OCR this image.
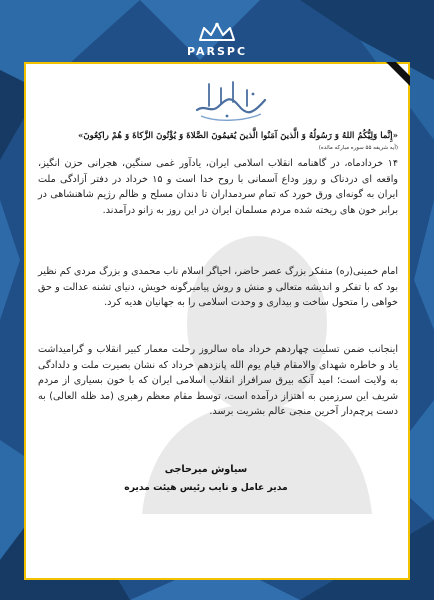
PARSPC
«إِنَّما وَلِيُّكُمُ اللهُ وَ رَسُولُهُ وَ الَّذينَ آمَنُوا الَّذينَ يُقيمُونَ الصَّلاةَ وَ يُؤْتُونَ الزَّكاةَ وَ هُمْ راكِعُونَ»
(آیه شریفه ۵۵ سوره مبارکه مائده)

۱۴ خردادماه، در گاهنامه انقلاب اسلامی ایران، یادآور غمی سنگین، هجرانی حزن انگیز، واقعه ای دردناک و روز وداع آسمانی با روح خدا است و ۱۵ خرداد در دفتر آزادگی ملت ایران به گونه‌ای ورق خورد که تمام سردمداران تا دندان مسلح و ظالم رژیم شاهنشاهی در برابر خون های ریخته شده مردم مسلمان ایران در این روز به زانو درآمدند.

امام خمینی(ره) متفکر بزرگ عصر حاضر، احیاگر اسلام ناب محمدی و بزرگ مردی کم نظیر بود که با تفکر و اندیشه متعالی و منش و روش پیامبرگونه خویش، دنیای تشنه عدالت و حق خواهی را متحول ساخت و بیداری و وحدت اسلامی را به جهانیان هدیه کرد.

اینجانب ضمن تسلیت چهاردهم خرداد ماه سالروز رحلت معمار کبیر انقلاب و گرامیداشت یاد و خاطره شهدای والامقام قیام یوم الله پانزدهم خرداد که نشان بصیرت ملت و دلدادگی به ولایت است؛ امید آنکه بیرق سرافراز انقلاب اسلامی ایران که با خون بسیاری از مردم شریف این سرزمین به اهتزاز درآمده است، توسط مقام معظم رهبری (مد ظله العالی) به دست پرچم‌دار آخرین منجی عالم بشریت برسد.

سیاوش میرحاجی
مدیر عامل و نایب رئیس هیئت مدیره
